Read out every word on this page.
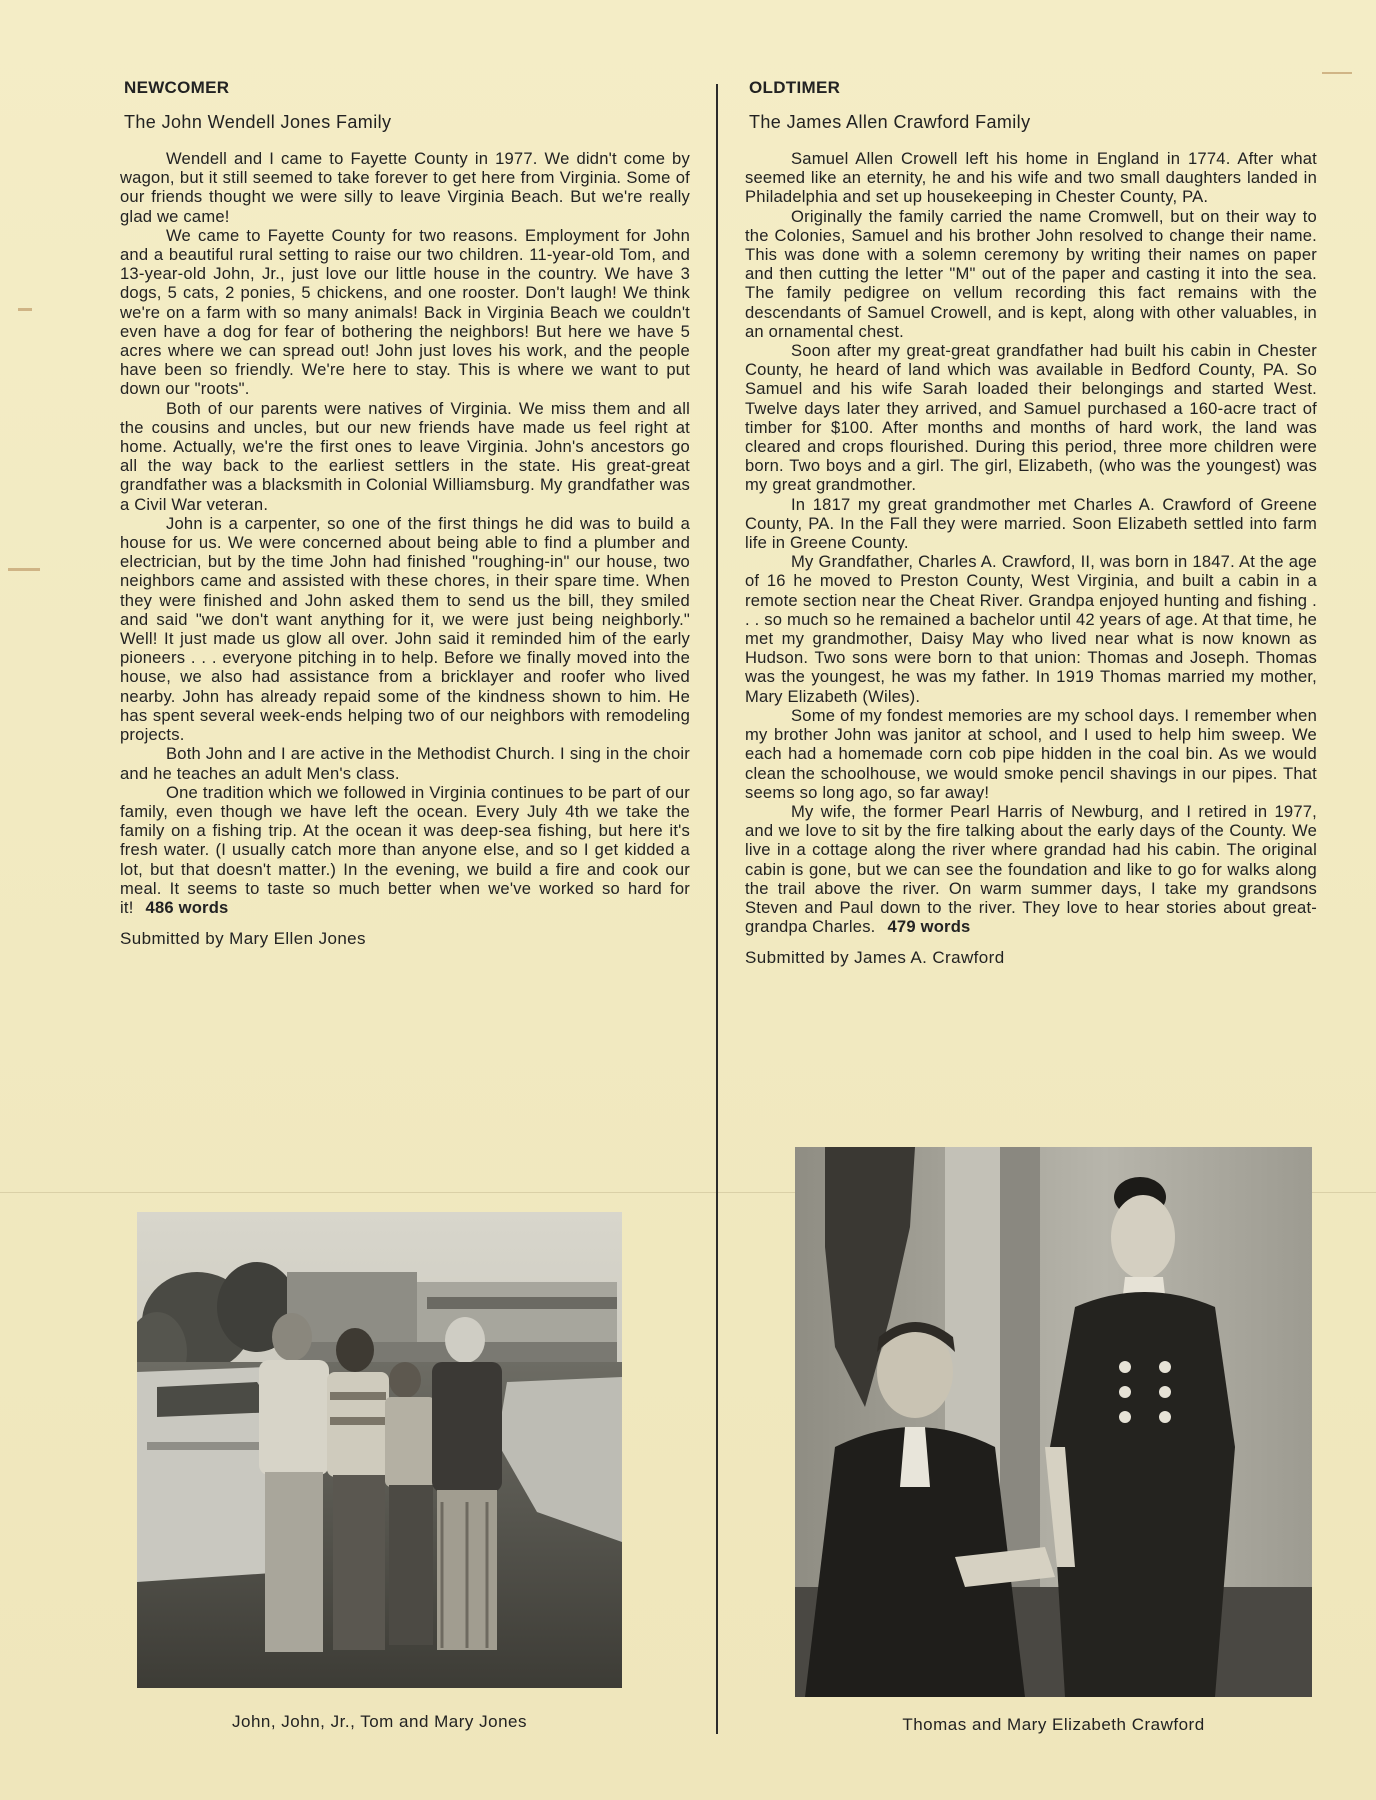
NEWCOMER
The John Wendell Jones Family

Wendell and I came to Fayette County in 1977. We didn't come by wagon, but it still seemed to take forever to get here from Virginia. Some of our friends thought we were silly to leave Virginia Beach. But we're really glad we came!

We came to Fayette County for two reasons. Employment for John and a beautiful rural setting to raise our two children. 11-year-old Tom, and 13-year-old John, Jr., just love our little house in the country. We have 3 dogs, 5 cats, 2 ponies, 5 chickens, and one rooster. Don't laugh! We think we're on a farm with so many animals! Back in Virginia Beach we couldn't even have a dog for fear of bothering the neighbors! But here we have 5 acres where we can spread out! John just loves his work, and the people have been so friendly. We're here to stay. This is where we want to put down our "roots".

Both of our parents were natives of Virginia. We miss them and all the cousins and uncles, but our new friends have made us feel right at home. Actually, we're the first ones to leave Virginia. John's ancestors go all the way back to the earliest settlers in the state. His great-great grandfather was a blacksmith in Colonial Williamsburg. My grandfather was a Civil War veteran.

John is a carpenter, so one of the first things he did was to build a house for us. We were concerned about being able to find a plumber and electrician, but by the time John had finished "roughing-in" our house, two neighbors came and assisted with these chores, in their spare time. When they were finished and John asked them to send us the bill, they smiled and said "we don't want anything for it, we were just being neighborly." Well! It just made us glow all over. John said it reminded him of the early pioneers . . . everyone pitching in to help. Before we finally moved into the house, we also had assistance from a bricklayer and roofer who lived nearby. John has already repaid some of the kindness shown to him. He has spent several week-ends helping two of our neighbors with remodeling projects.

Both John and I are active in the Methodist Church. I sing in the choir and he teaches an adult Men's class.

One tradition which we followed in Virginia continues to be part of our family, even though we have left the ocean. Every July 4th we take the family on a fishing trip. At the ocean it was deep-sea fishing, but here it's fresh water. (I usually catch more than anyone else, and so I get kidded a lot, but that doesn't matter.) In the evening, we build a fire and cook our meal. It seems to taste so much better when we've worked so hard for it! 486 words

Submitted by Mary Ellen Jones
OLDTIMER
The James Allen Crawford Family

Samuel Allen Crowell left his home in England in 1774. After what seemed like an eternity, he and his wife and two small daughters landed in Philadelphia and set up housekeeping in Chester County, PA.

Originally the family carried the name Cromwell, but on their way to the Colonies, Samuel and his brother John resolved to change their name. This was done with a solemn ceremony by writing their names on paper and then cutting the letter "M" out of the paper and casting it into the sea. The family pedigree on vellum recording this fact remains with the descendants of Samuel Crowell, and is kept, along with other valuables, in an ornamental chest.

Soon after my great-great grandfather had built his cabin in Chester County, he heard of land which was available in Bedford County, PA. So Samuel and his wife Sarah loaded their belongings and started West. Twelve days later they arrived, and Samuel purchased a 160-acre tract of timber for $100. After months and months of hard work, the land was cleared and crops flourished. During this period, three more children were born. Two boys and a girl. The girl, Elizabeth, (who was the youngest) was my great grandmother.

In 1817 my great grandmother met Charles A. Crawford of Greene County, PA. In the Fall they were married. Soon Elizabeth settled into farm life in Greene County.

My Grandfather, Charles A. Crawford, II, was born in 1847. At the age of 16 he moved to Preston County, West Virginia, and built a cabin in a remote section near the Cheat River. Grandpa enjoyed hunting and fishing . . . so much so he remained a bachelor until 42 years of age. At that time, he met my grandmother, Daisy May who lived near what is now known as Hudson. Two sons were born to that union: Thomas and Joseph. Thomas was the youngest, he was my father. In 1919 Thomas married my mother, Mary Elizabeth (Wiles).

Some of my fondest memories are my school days. I remember when my brother John was janitor at school, and I used to help him sweep. We each had a homemade corn cob pipe hidden in the coal bin. As we would clean the schoolhouse, we would smoke pencil shavings in our pipes. That seems so long ago, so far away!

My wife, the former Pearl Harris of Newburg, and I retired in 1977, and we love to sit by the fire talking about the early days of the County. We live in a cottage along the river where grandad had his cabin. The original cabin is gone, but we can see the foundation and like to go for walks along the trail above the river. On warm summer days, I take my grandsons Steven and Paul down to the river. They love to hear stories about great-grandpa Charles. 479 words

Submitted by James A. Crawford
John, John, Jr., Tom and Mary Jones	Thomas and Mary Elizabeth Crawford
